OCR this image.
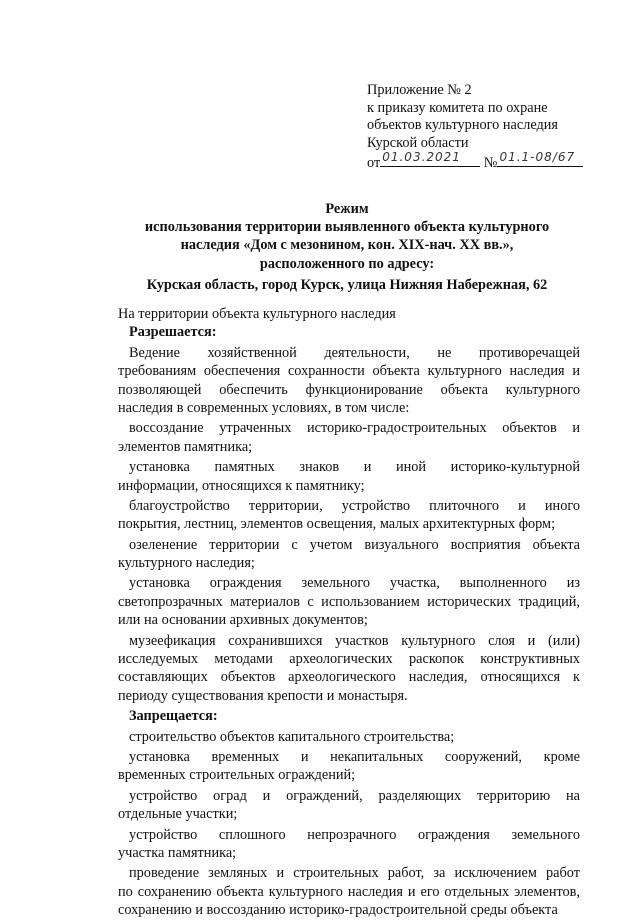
Приложение № 2
к приказу комитета по охране
объектов культурного наследия
Курской области
от 01.03.2021 № 01.1-08/67
Режим
использования территории выявленного объекта культурного
наследия «Дом с мезонином, кон. XIX-нач. XX вв.»,
расположенного по адресу:
Курская область, город Курск, улица Нижняя Набережная, 62
На территории объекта культурного наследия
Разрешается:
Ведение хозяйственной деятельности, не противоречащей
требованиям обеспечения сохранности объекта культурного наследия и
позволяющей обеспечить функционирование объекта культурного
наследия в современных условиях, в том числе:
воссоздание утраченных историко-градостроительных объектов и
элементов памятника;
установка памятных знаков и иной историко-культурной
информации, относящихся к памятнику;
благоустройство территории, устройство плиточного и иного
покрытия, лестниц, элементов освещения, малых архитектурных форм;
озеленение территории с учетом визуального восприятия объекта
культурного наследия;
установка ограждения земельного участка, выполненного из
светопрозрачных материалов с использованием исторических традиций,
или на основании архивных документов;
музеефикация сохранившихся участков культурного слоя и (или)
исследуемых методами археологических раскопок конструктивных
составляющих объектов археологического наследия, относящихся к
периоду существования крепости и монастыря.
Запрещается:
строительство объектов капитального строительства;
установка временных и некапитальных сооружений, кроме
временных строительных ограждений;
устройство оград и ограждений, разделяющих территорию на
отдельные участки;
устройство сплошного непрозрачного ограждения земельного
участка памятника;
проведение земляных и строительных работ, за исключением работ
по сохранению объекта культурного наследия и его отдельных элементов,
сохранению и воссозданию историко-градостроительной среды объекта
